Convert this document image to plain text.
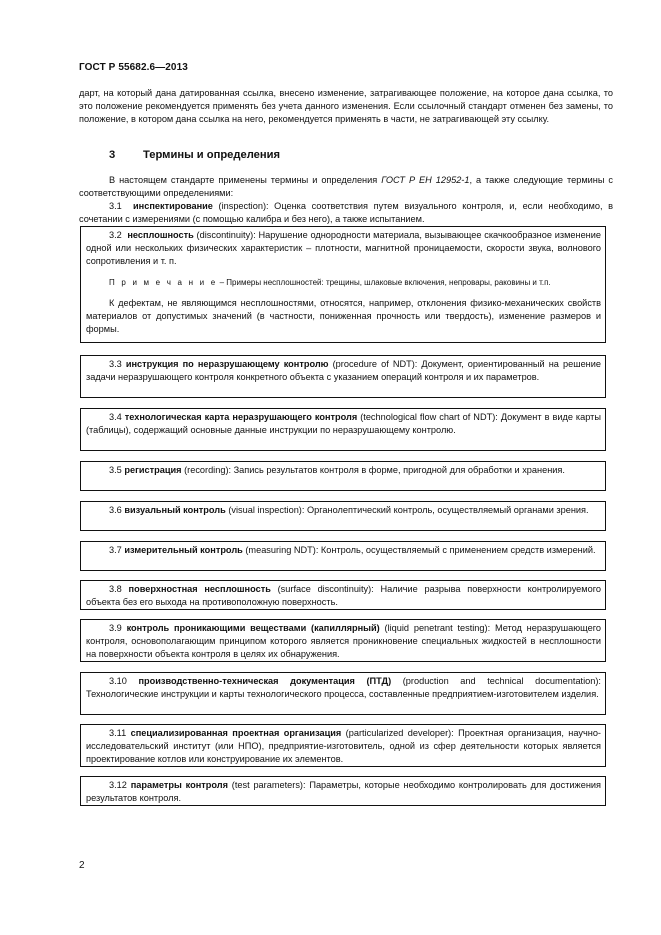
ГОСТ Р 55682.6—2013
дарт, на который дана датированная ссылка, внесено изменение, затрагивающее положение, на которое дана ссылка, то это положение рекомендуется применять без учета данного изменения. Если ссылочный стандарт отменен без замены, то положение, в котором дана ссылка на него, рекомендуется применять в части, не затрагивающей эту ссылку.
3 Термины и определения
В настоящем стандарте применены термины и определения ГОСТ Р ЕН 12952-1, а также следующие термины с соответствующими определениями:
3.1 инспектирование (inspection): Оценка соответствия путем визуального контроля, и, если необходимо, в сочетании с измерениями (с помощью калибра и без него), а также испытанием.

3.2 несплошность (discontinuity): Нарушение однородности материала, вызывающее скачкообразное изменение одной или нескольких физических характеристик – плотности, магнитной проницаемости, скорости звука, волнового сопротивления и т. п.

П р и м е ч а н и е – Примеры несплошностей: трещины, шлаковые включения, непровары, раковины и т.п.

К дефектам, не являющимся несплошностями, относятся, например, отклонения физико-механических свойств материалов от допустимых значений (в частности, пониженная прочность или твердость), изменение размеров и формы.

3.3 инструкция по неразрушающему контролю (procedure of NDT): Документ, ориентированный на решение задачи неразрушающего контроля конкретного объекта с указанием операций контроля и их параметров.

3.4 технологическая карта неразрушающего контроля (technological flow chart of NDT): Документ в виде карты (таблицы), содержащий основные данные инструкции по неразрушающему контролю.

3.5 регистрация (recording): Запись результатов контроля в форме, пригодной для обработки и хранения.

3.6 визуальный контроль (visual inspection): Органолептический контроль, осуществляемый органами зрения.

3.7 измерительный контроль (measuring NDT): Контроль, осуществляемый с применением средств измерений.

3.8 поверхностная несплошность (surface discontinuity): Наличие разрыва поверхности контролируемого объекта без его выхода на противоположную поверхность.

3.9 контроль проникающими веществами (капиллярный) (liquid penetrant testing): Метод неразрушающего контроля, основополагающим принципом которого является проникновение специальных жидкостей в несплошности на поверхности объекта контроля в целях их обнаружения.

3.10 производственно-техническая документация (ПТД) (production and technical documentation): Технологические инструкции и карты технологического процесса, составленные предприятием-изготовителем изделия.

3.11 специализированная проектная организация (particularized developer): Проектная организация, научно-исследовательский институт (или НПО), предприятие-изготовитель, одной из сфер деятельности которых является проектирование котлов или конструирование их элементов.

3.12 параметры контроля (test parameters): Параметры, которые необходимо контролировать для достижения результатов контроля.

2
